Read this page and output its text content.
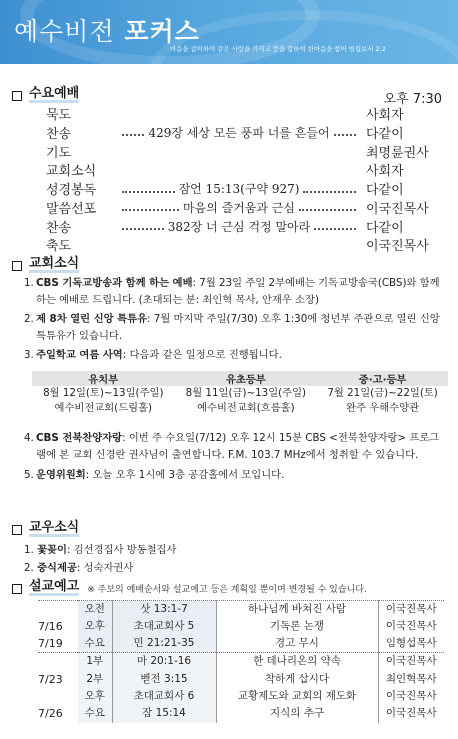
예수비전 포커스
마음을 같이하여 같은 사랑을 가지고 뜻을 합하여 한마음을 품어 빌립보서 2:2
수요예배	오후 7:30
묵도	사회자
찬송	429장 세상 모든 풍파 너를 흔들어	다같이
기도	최명륜권사
교회소식	사회자
성경봉독	잠언 15:13(구약 927)	다같이
말씀선포	마음의 즐거움과 근심	이국진목사
찬송	382장 너 근심 걱정 말아라	다같이
축도	이국진목사
교회소식
1. CBS 기독교방송과 함께 하는 예배: 7월 23일 주일 2부예배는 기독교방송국(CBS)와 함께 하는 예배로 드립니다. (초대되는 분: 최인혁 목사, 안재우 소장)
2. 제 8차 열린 신앙 특튜유: 7월 마지막 주일(7/30) 오후 1:30에 청년부 주관으로 열린 신앙 특튜유가 있습니다.
3. 주일학교 여름 사역: 다음과 같은 일정으로 진행됩니다.
유치부	유초등부	중·고·등부
8월 12일(토)~13일(주일)	8월 11일(금)~13일(주일)	7월 21일(금)~22일(토)
예수비전교회(드림홀)	예수비전교회(흐름홀)	완주 우해수양관
4. CBS 전북찬양자랑: 이번 주 수요일(7/12) 오후 12시 15분 CBS <전북찬양자랑> 프로그램에 본 교회 신경란 권사님이 출연합니다. F.M. 103.7 MHz에서 청취할 수 있습니다.
5. 운영위원회: 오늘 오후 1시에 3층 공감홀에서 모입니다.
교우소식
1. 꽃꽂이: 김선경집사 방동철집사
2. 중식제공: 성숙자권사
설교예고 ※ 주보의 예배순서와 설교예고 등은 계획일 뿐이며 변경될 수 있습니다.
	오전	삿 13:1-7	하나님께 바쳐진 사람	이국진목사
7/16	오후	초대교회사 5	기독론 논쟁	이국진목사
7/19	수요	민 21:21-35	경고 무시	임형섭목사
	1부	마 20:1-16	한 데나리온의 약속	이국진목사
7/23	2부	벧전 3:15	착하게 삽시다	최인혁목사
	오후	초대교회사 6	교황제도와 교회의 제도화	이국진목사
7/26	수요	잠 15:14	지식의 추구	이국진목사
